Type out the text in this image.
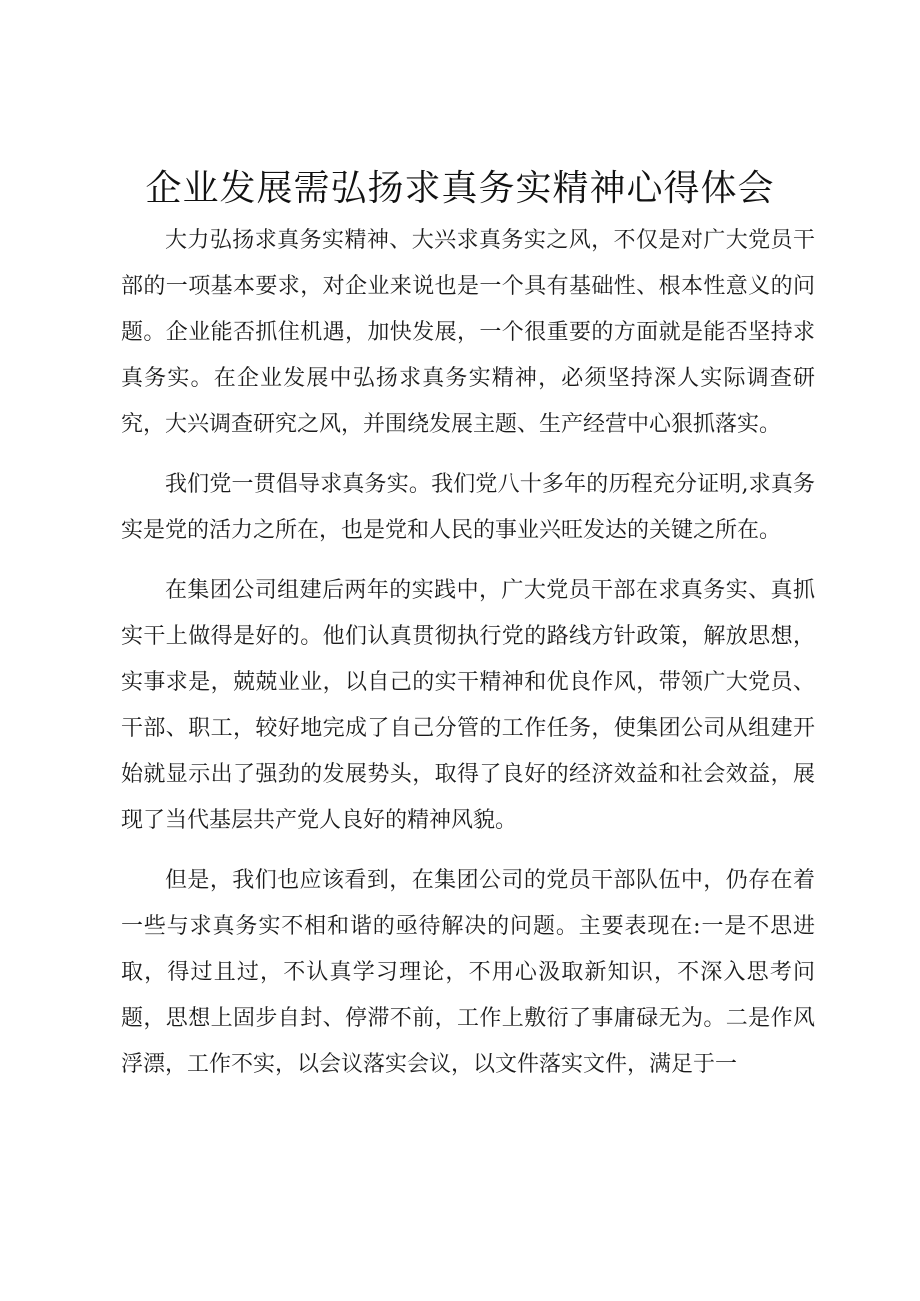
企业发展需弘扬求真务实精神心得体会

大力弘扬求真务实精神、大兴求真务实之风，不仅是对广大党员干部的一项基本要求，对企业来说也是一个具有基础性、根本性意义的问题。企业能否抓住机遇，加快发展，一个很重要的方面就是能否坚持求真务实。在企业发展中弘扬求真务实精神，必须坚持深人实际调查研究，大兴调查研究之风，并围绕发展主题、生产经营中心狠抓落实。

我们党一贯倡导求真务实。我们党八十多年的历程充分证明,求真务实是党的活力之所在，也是党和人民的事业兴旺发达的关键之所在。

在集团公司组建后两年的实践中，广大党员干部在求真务实、真抓实干上做得是好的。他们认真贯彻执行党的路线方针政策，解放思想，实事求是，兢兢业业，以自己的实干精神和优良作风，带领广大党员、干部、职工，较好地完成了自己分管的工作任务，使集团公司从组建开始就显示出了强劲的发展势头，取得了良好的经济效益和社会效益，展现了当代基层共产党人良好的精神风貌。

但是，我们也应该看到，在集团公司的党员干部队伍中，仍存在着一些与求真务实不相和谐的亟待解决的问题。主要表现在:一是不思进取，得过且过，不认真学习理论，不用心汲取新知识，不深入思考问题，思想上固步自封、停滞不前，工作上敷衍了事庸碌无为。二是作风浮漂，工作不实，以会议落实会议，以文件落实文件，满足于一
